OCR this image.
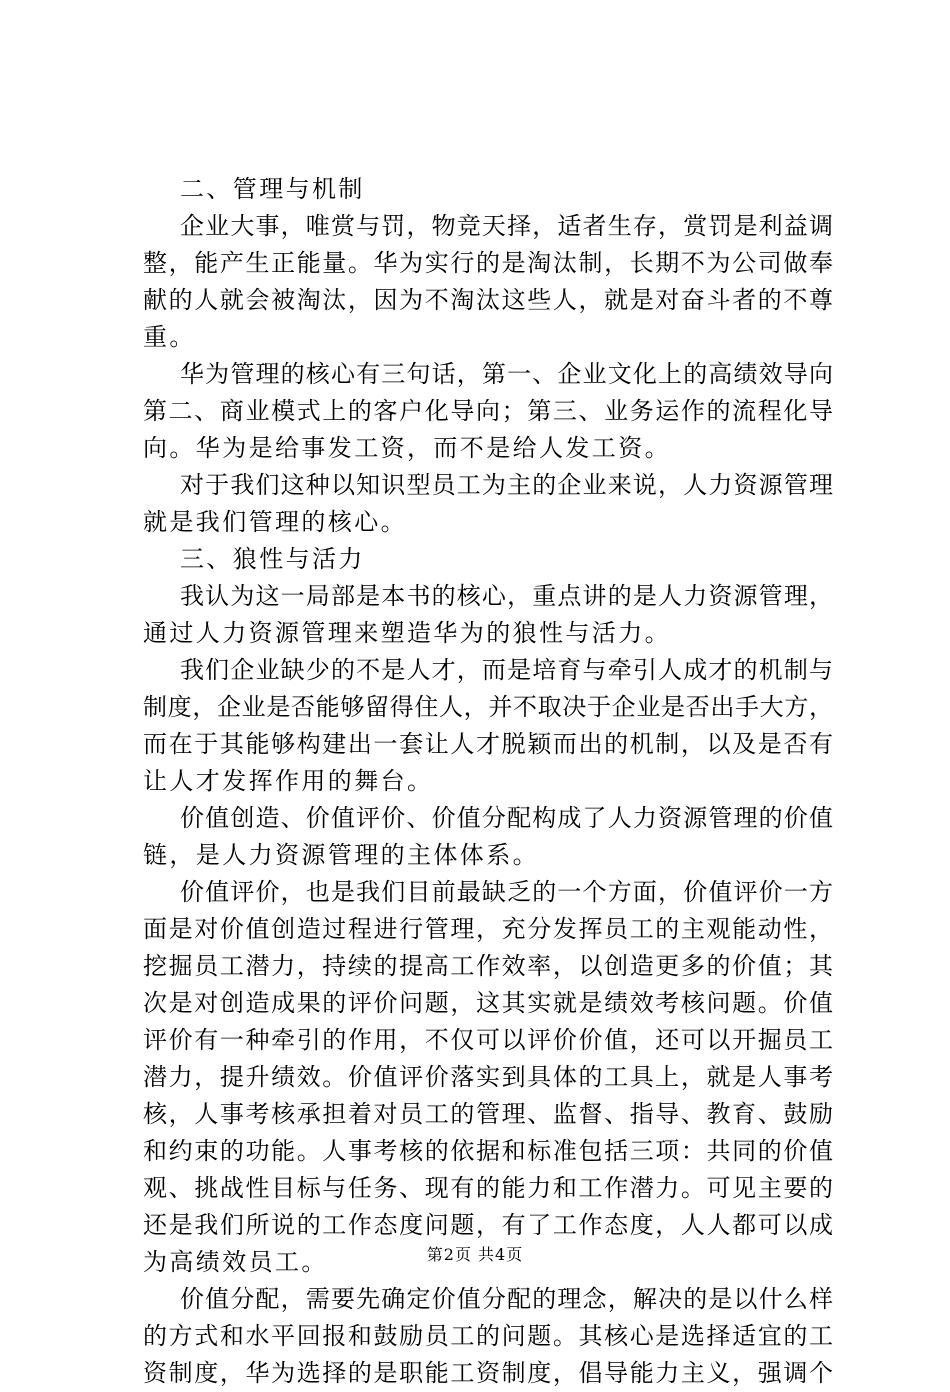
二、管理与机制
企业大事，唯赏与罚，物竞天择，适者生存，赏罚是利益调
整，能产生正能量。华为实行的是淘汰制，长期不为公司做奉
献的人就会被淘汰，因为不淘汰这些人，就是对奋斗者的不尊
重。
华为管理的核心有三句话，第一、企业文化上的高绩效导向
第二、商业模式上的客户化导向；第三、业务运作的流程化导
向。华为是给事发工资，而不是给人发工资。
对于我们这种以知识型员工为主的企业来说，人力资源管理
就是我们管理的核心。
三、狼性与活力
我认为这一局部是本书的核心，重点讲的是人力资源管理，
通过人力资源管理来塑造华为的狼性与活力。
我们企业缺少的不是人才，而是培育与牵引人成才的机制与
制度，企业是否能够留得住人，并不取决于企业是否出手大方，
而在于其能够构建出一套让人才脱颖而出的机制，以及是否有
让人才发挥作用的舞台。
价值创造、价值评价、价值分配构成了人力资源管理的价值
链，是人力资源管理的主体体系。
价值评价，也是我们目前最缺乏的一个方面，价值评价一方
面是对价值创造过程进行管理，充分发挥员工的主观能动性，
挖掘员工潜力，持续的提高工作效率，以创造更多的价值；其
次是对创造成果的评价问题，这其实就是绩效考核问题。价值
评价有一种牵引的作用，不仅可以评价价值，还可以开掘员工
潜力，提升绩效。价值评价落实到具体的工具上，就是人事考
核，人事考核承担着对员工的管理、监督、指导、教育、鼓励
和约束的功能。人事考核的依据和标准包括三项：共同的价值
观、挑战性目标与任务、现有的能力和工作潜力。可见主要的
还是我们所说的工作态度问题，有了工作态度，人人都可以成
为高绩效员工。
价值分配，需要先确定价值分配的理念，解决的是以什么样
的方式和水平回报和鼓励员工的问题。其核心是选择适宜的工
资制度，华为选择的是职能工资制度，倡导能力主义，强调个
第2页 共4页
